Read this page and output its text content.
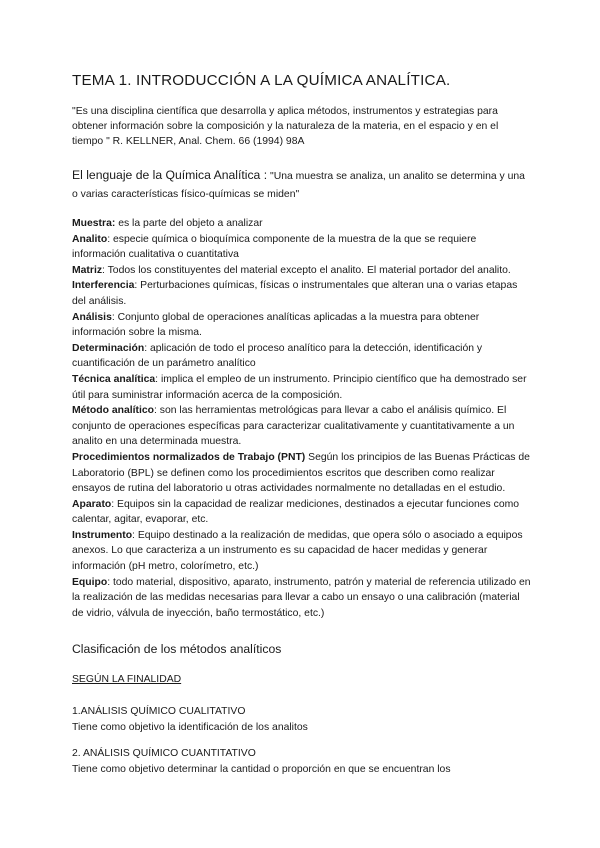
TEMA 1. INTRODUCCIÓN A LA QUÍMICA ANALÍTICA.
"Es una disciplina científica que desarrolla y aplica métodos, instrumentos y estrategias para obtener información sobre la composición y la naturaleza de la materia, en el espacio y en el tiempo " R. KELLNER, Anal. Chem. 66 (1994) 98A
El lenguaje de la Química Analítica : "Una muestra se analiza, un analito se determina y una o varias características físico-químicas se miden"

Muestra: es la parte del objeto a analizar

Analito: especie química o bioquímica componente de la muestra de la que se requiere información cualitativa o cuantitativa

Matriz: Todos los constituyentes del material excepto el analito. El material portador del analito.

Interferencia: Perturbaciones químicas, físicas o instrumentales que alteran una o varias etapas del análisis.

Análisis: Conjunto global de operaciones analíticas aplicadas a la muestra para obtener información sobre la misma.

Determinación: aplicación de todo el proceso analítico para la detección, identificación y cuantificación de un parámetro analítico

Técnica analítica: implica el empleo de un instrumento. Principio científico que ha demostrado ser útil para suministrar información acerca de la composición.

Método analítico: son las herramientas metrológicas para llevar a cabo el análisis químico. El conjunto de operaciones específicas para caracterizar cualitativamente y cuantitativamente a un analito en una determinada muestra.

Procedimientos normalizados de Trabajo (PNT) Según los principios de las Buenas Prácticas de Laboratorio (BPL) se definen como los procedimientos escritos que describen como realizar ensayos de rutina del laboratorio u otras actividades normalmente no detalladas en el estudio.

Aparato: Equipos sin la capacidad de realizar mediciones, destinados a ejecutar funciones como calentar, agitar, evaporar, etc.

Instrumento: Equipo destinado a la realización de medidas, que opera sólo o asociado a equipos anexos. Lo que caracteriza a un instrumento es su capacidad de hacer medidas y generar información (pH metro, colorímetro, etc.)

Equipo: todo material, dispositivo, aparato, instrumento, patrón y material de referencia utilizado en la realización de las medidas necesarias para llevar a cabo un ensayo o una calibración (material de vidrio, válvula de inyección, baño termostático, etc.)

Clasificación de los métodos analíticos
SEGÚN LA FINALIDAD

1.ANÁLISIS QUÍMICO CUALITATIVO

Tiene como objetivo la identificación de los analitos

2. ANÁLISIS QUÍMICO CUANTITATIVO

Tiene como objetivo determinar la cantidad o proporción en que se encuentran los
